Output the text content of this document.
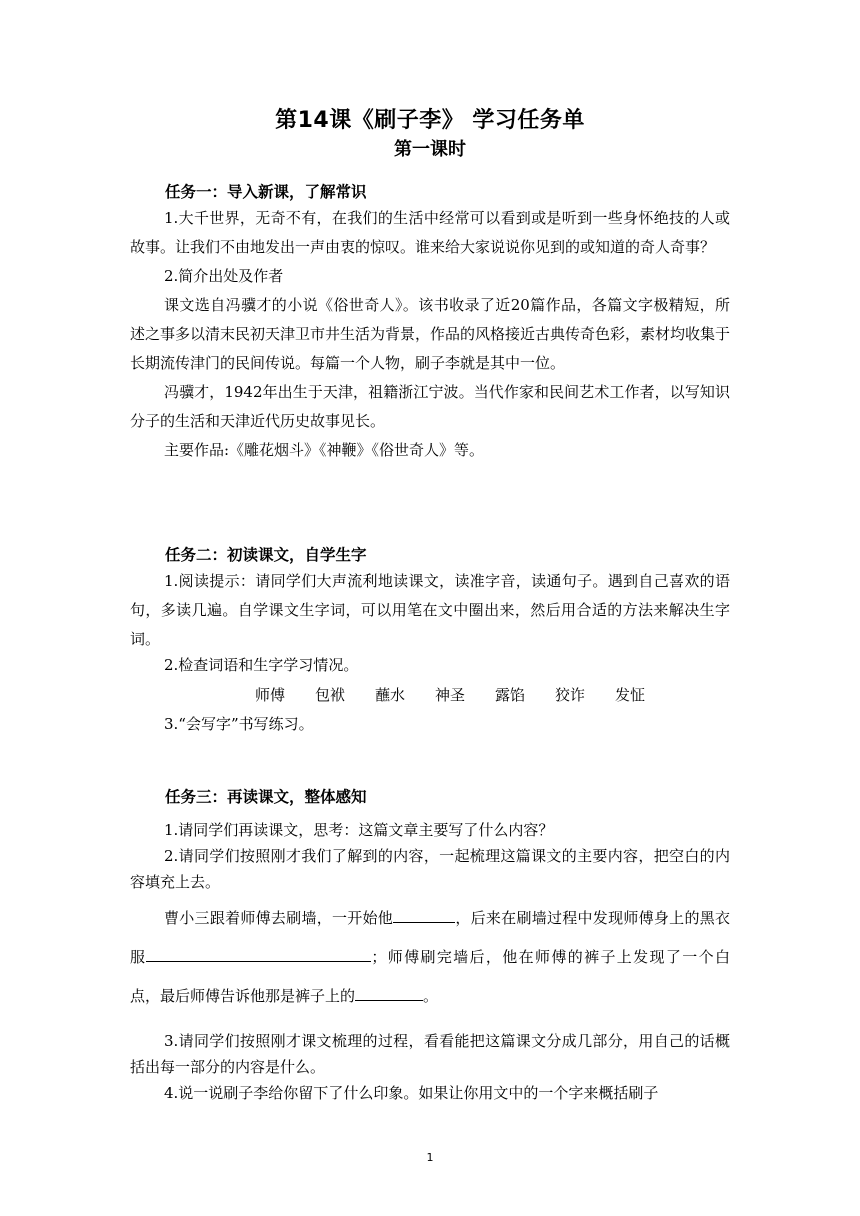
第14课《刷子李》 学习任务单
第一课时
任务一：导入新课，了解常识
1.大千世界，无奇不有，在我们的生活中经常可以看到或是听到一些身怀绝技的人或故事。让我们不由地发出一声由衷的惊叹。谁来给大家说说你见到的或知道的奇人奇事？
2.简介出处及作者
课文选自冯骥才的小说《俗世奇人》。该书收录了近20篇作品，各篇文字极精短，所述之事多以清末民初天津卫市井生活为背景，作品的风格接近古典传奇色彩，素材均收集于长期流传津门的民间传说。每篇一个人物，刷子李就是其中一位。
冯骥才，1942年出生于天津，祖籍浙江宁波。当代作家和民间艺术工作者，以写知识分子的生活和天津近代历史故事见长。
主要作品:《雕花烟斗》《神鞭》《俗世奇人》等。
任务二：初读课文，自学生字
1.阅读提示：请同学们大声流利地读课文，读准字音，读通句子。遇到自己喜欢的语句，多读几遍。自学课文生字词，可以用笔在文中圈出来，然后用合适的方法来解决生字词。
2.检查词语和生字学习情况。
师傅 包袱 蘸水 神圣 露馅 狡诈 发怔
3.“会写字”书写练习。
任务三：再读课文，整体感知
1.请同学们再读课文，思考：这篇文章主要写了什么内容？
2.请同学们按照刚才我们了解到的内容，一起梳理这篇课文的主要内容，把空白的内容填充上去。
曹小三跟着师傅去刷墙，一开始他	，后来在刷墙过程中发现师傅身上的黑衣服	；师傅刷完墙后，他在师傅的裤子上发现了一个白点，最后师傅告诉他那是裤子上的	。
3.请同学们按照刚才课文梳理的过程，看看能把这篇课文分成几部分，用自己的话概括出每一部分的内容是什么。
4.说一说刷子李给你留下了什么印象。如果让你用文中的一个字来概括刷子
1
